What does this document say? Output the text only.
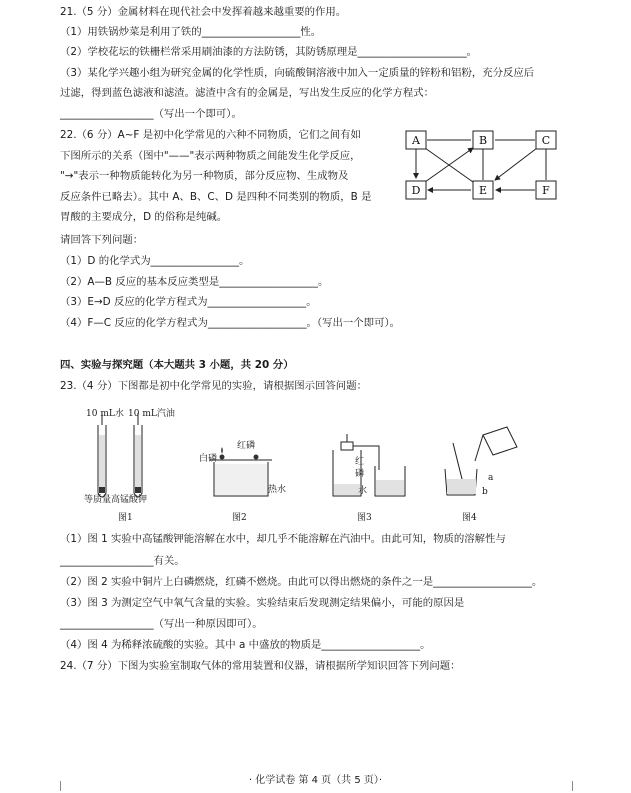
21.（5 分）金属材料在现代社会中发挥着越来越重要的作用。
（1）用铁锅炒菜是利用了铁的___________________性。
（2）学校花坛的铁栅栏常采用刷油漆的方法防锈，其防锈原理是_____________________。
（3）某化学兴趣小组为研究金属的化学性质，向硫酸铜溶液中加入一定质量的锌粉和铝粉，充分反应后
过滤，得到蓝色滤液和滤渣。滤渣中含有的金属是，写出发生反应的化学方程式：
__________________（写出一个即可）。
22.（6 分）A~F 是初中化学常见的六种不同物质，它们之间有如
下图所示的关系（图中"——"表示两种物质之间能发生化学反应，
"→"表示一种物质能转化为另一种物质，部分反应物、生成物及
反应条件已略去）。其中 A、B、C、D 是四种不同类别的物质，B 是
胃酸的主要成分，D 的俗称是纯碱。
请回答下列问题：
（1）D 的化学式为_________________。
（2）A—B 反应的基本反应类型是___________________。
（3）E→D 反应的化学方程式为___________________。
（4）F—C 反应的化学方程式为___________________。（写出一个即可）。
A	B	C
D	E	F
四、实验与探究题（本大题共 3 小题，共 20 分）
23.（4 分）下图都是初中化学常见的实验，请根据图示回答问题：
10 mL水 10 mL汽油
等质量高锰酸钾
图1
红磷
白磷
热水
图2
红
磷
水
图3
a
b
图4
（1）图 1 实验中高锰酸钾能溶解在水中，却几乎不能溶解在汽油中。由此可知，物质的溶解性与
__________________有关。
（2）图 2 实验中铜片上白磷燃烧，红磷不燃烧。由此可以得出燃烧的条件之一是___________________。
（3）图 3 为测定空气中氧气含量的实验。实验结束后发现测定结果偏小，可能的原因是
__________________（写出一种原因即可）。
（4）图 4 为稀释浓硫酸的实验。其中 a 中盛放的物质是___________________。
24.（7 分）下图为实验室制取气体的常用装置和仪器，请根据所学知识回答下列问题：
· 化学试卷 第 4 页（共 5 页）·
